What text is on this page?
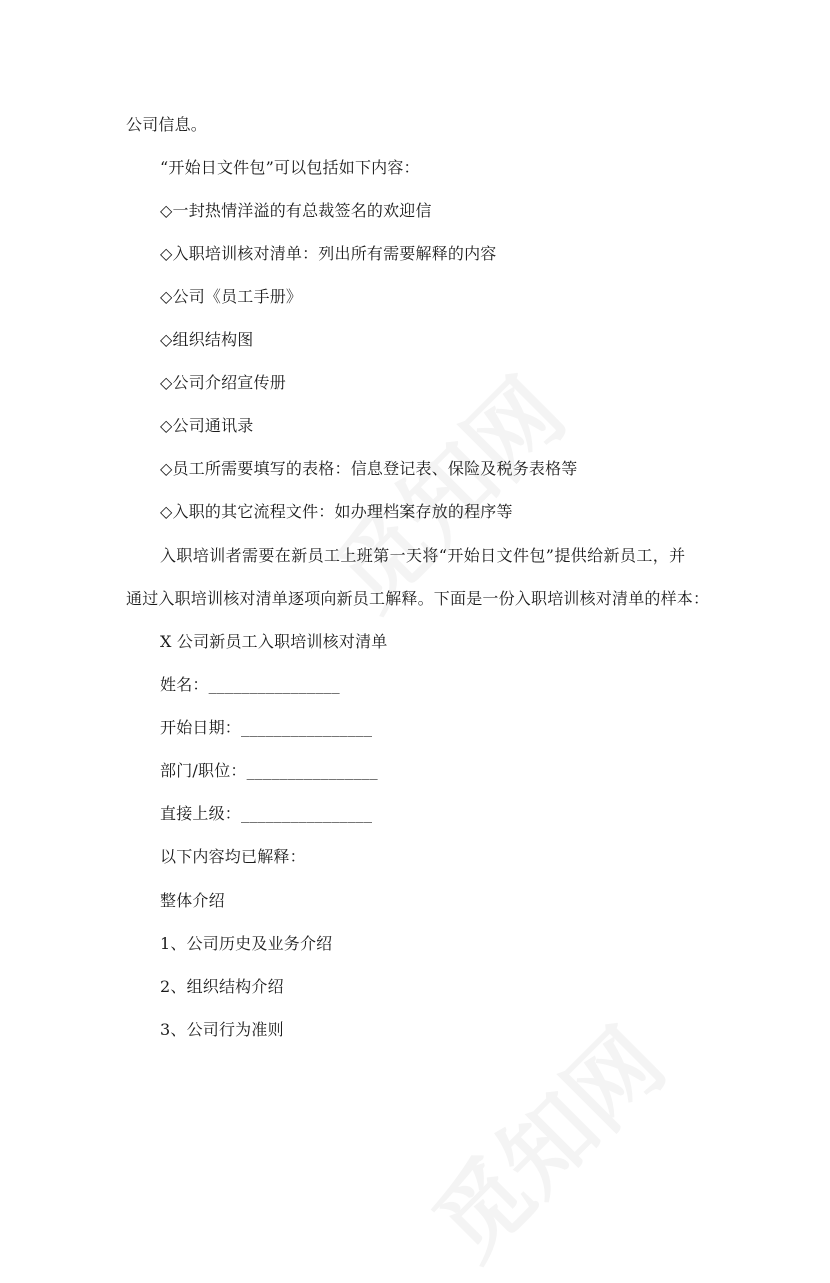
公司信息。
“开始日文件包”可以包括如下内容：
◇一封热情洋溢的有总裁签名的欢迎信
◇入职培训核对清单：列出所有需要解释的内容
◇公司《员工手册》
◇组织结构图
◇公司介绍宣传册
◇公司通讯录
◇员工所需要填写的表格：信息登记表、保险及税务表格等
◇入职的其它流程文件：如办理档案存放的程序等
入职培训者需要在新员工上班第一天将“开始日文件包”提供给新员工，并
通过入职培训核对清单逐项向新员工解释。下面是一份入职培训核对清单的样本：
X 公司新员工入职培训核对清单
姓名：________________
开始日期：________________
部门/职位：________________
直接上级：________________
以下内容均已解释：
整体介绍
1、公司历史及业务介绍
2、组织结构介绍
3、公司行为准则
